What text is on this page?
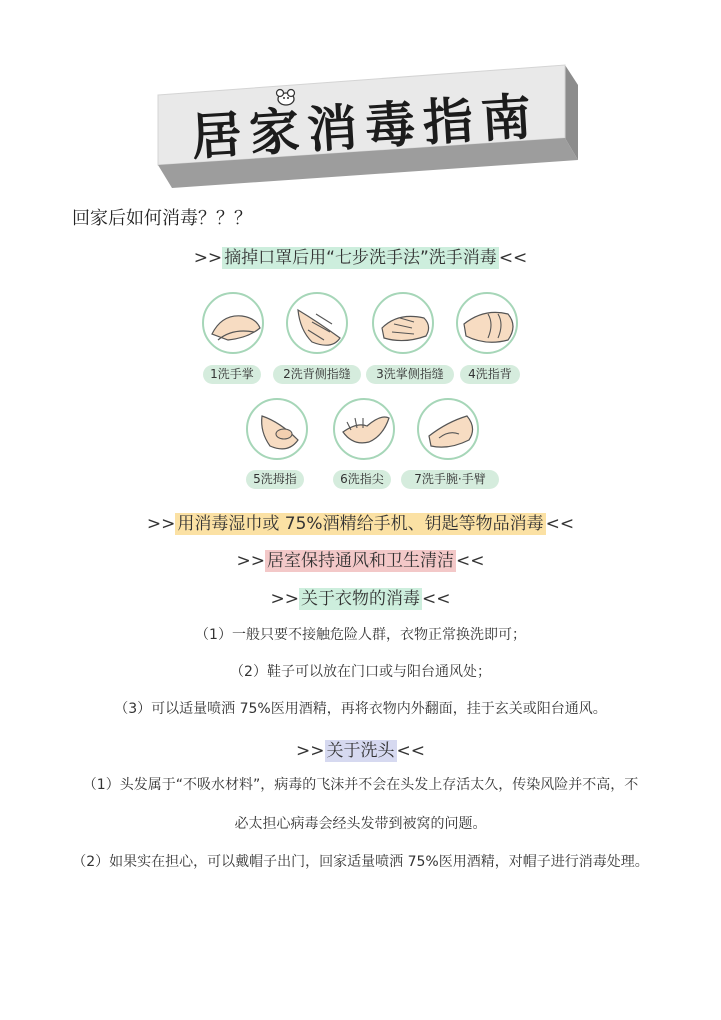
居家消毒指南
回家后如何消毒？？？
>> 摘掉口罩后用“七步洗手法”洗手消毒 <<
1洗手掌	2洗背侧指缝	3洗掌侧指缝	4洗指背
5洗拇指	6洗指尖	7洗手腕·手臂
>> 用消毒湿巾或 75%酒精给手机、钥匙等物品消毒 <<
>> 居室保持通风和卫生清洁 <<
>> 关于衣物的消毒 <<
（1）一般只要不接触危险人群，衣物正常换洗即可；
（2）鞋子可以放在门口或与阳台通风处；
（3）可以适量喷洒 75%医用酒精，再将衣物内外翻面，挂于玄关或阳台通风。
>> 关于洗头 <<
（1）头发属于“不吸水材料”，病毒的飞沫并不会在头发上存活太久，传染风险并不高，不
必太担心病毒会经头发带到被窝的问题。
（2）如果实在担心，可以戴帽子出门，回家适量喷洒 75%医用酒精，对帽子进行消毒处理。
